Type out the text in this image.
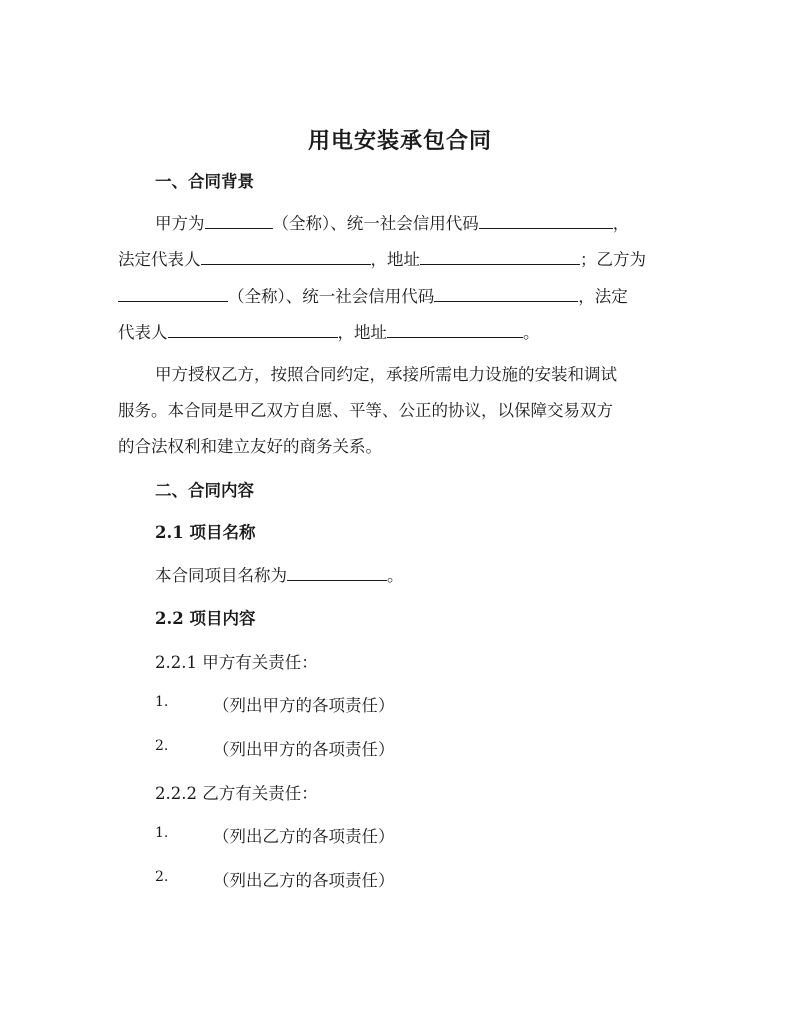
用电安装承包合同
一、合同背景
甲方为	（全称）、统一社会信用代码	，
法定代表人	，地址	；乙方为
（全称）、统一社会信用代码	，法定
代表人	，地址	。
甲方授权乙方，按照合同约定，承接所需电力设施的安装和调试
服务。本合同是甲乙双方自愿、平等、公正的协议，以保障交易双方
的合法权利和建立友好的商务关系。
二、合同内容
2.1 项目名称
本合同项目名称为	。
2.2 项目内容
2.2.1 甲方有关责任：
1.	（列出甲方的各项责任）
2.	（列出甲方的各项责任）
2.2.2 乙方有关责任：
1.	（列出乙方的各项责任）
2.	（列出乙方的各项责任）
